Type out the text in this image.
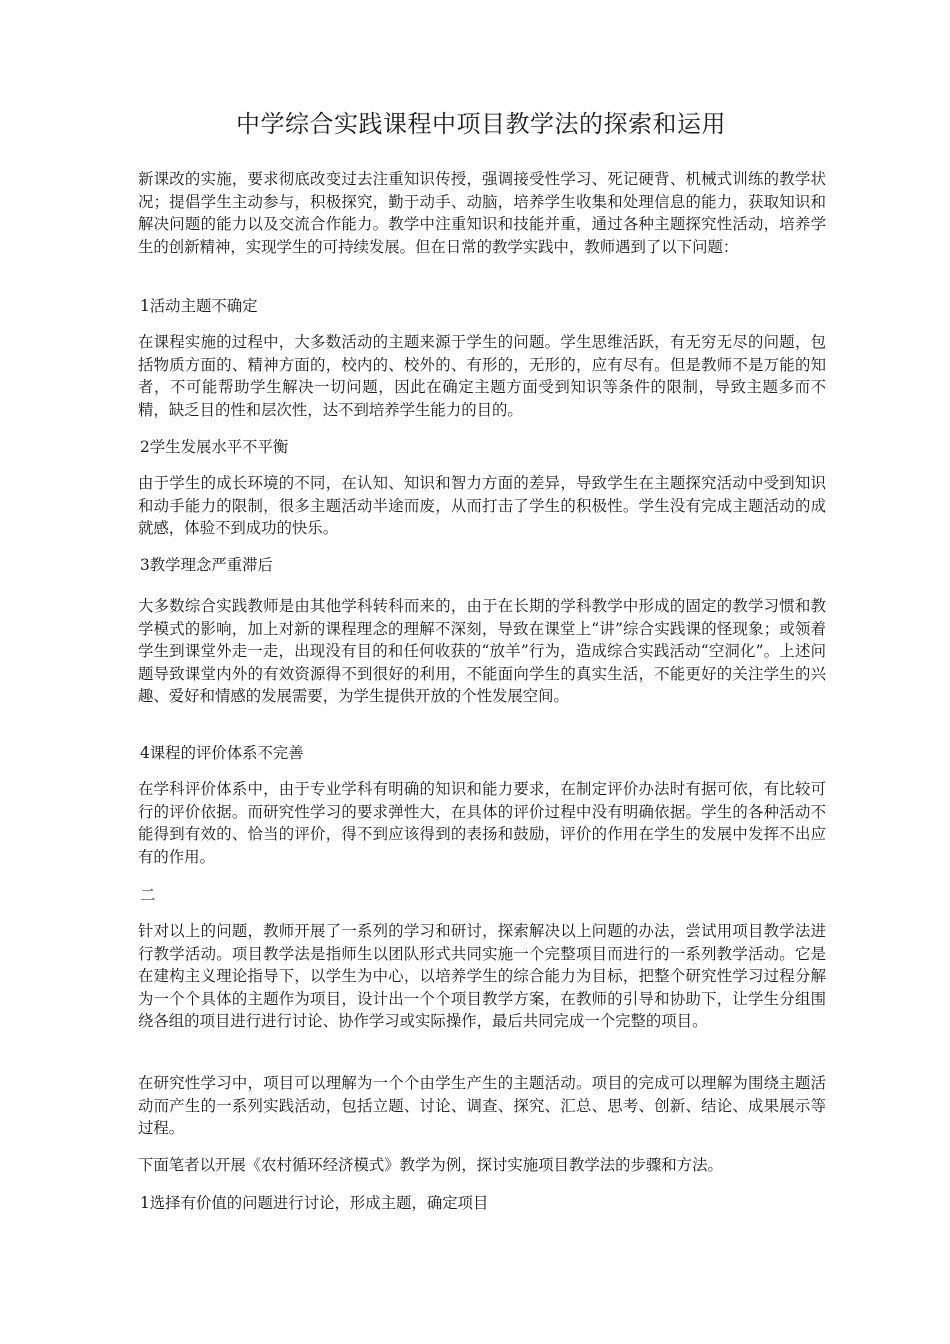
中学综合实践课程中项目教学法的探索和运用

新课改的实施，要求彻底改变过去注重知识传授，强调接受性学习、死记硬背、机械式训练的教学状况；提倡学生主动参与，积极探究，勤于动手、动脑，培养学生收集和处理信息的能力，获取知识和解决问题的能力以及交流合作能力。教学中注重知识和技能并重，通过各种主题探究性活动，培养学生的创新精神，实现学生的可持续发展。但在日常的教学实践中，教师遇到了以下问题：

1活动主题不确定

在课程实施的过程中，大多数活动的主题来源于学生的问题。学生思维活跃，有无穷无尽的问题，包括物质方面的、精神方面的，校内的、校外的、有形的，无形的，应有尽有。但是教师不是万能的知者，不可能帮助学生解决一切问题，因此在确定主题方面受到知识等条件的限制，导致主题多而不精，缺乏目的性和层次性，达不到培养学生能力的目的。

2学生发展水平不平衡

由于学生的成长环境的不同，在认知、知识和智力方面的差异，导致学生在主题探究活动中受到知识和动手能力的限制，很多主题活动半途而废，从而打击了学生的积极性。学生没有完成主题活动的成就感，体验不到成功的快乐。

3教学理念严重滞后

大多数综合实践教师是由其他学科转科而来的，由于在长期的学科教学中形成的固定的教学习惯和教学模式的影响，加上对新的课程理念的理解不深刻，导致在课堂上“讲”综合实践课的怪现象；或领着学生到课堂外走一走，出现没有目的和任何收获的“放羊”行为，造成综合实践活动“空洞化”。上述问题导致课堂内外的有效资源得不到很好的利用，不能面向学生的真实生活，不能更好的关注学生的兴趣、爱好和情感的发展需要，为学生提供开放的个性发展空间。

4课程的评价体系不完善

在学科评价体系中，由于专业学科有明确的知识和能力要求，在制定评价办法时有据可依，有比较可行的评价依据。而研究性学习的要求弹性大，在具体的评价过程中没有明确依据。学生的各种活动不能得到有效的、恰当的评价，得不到应该得到的表扬和鼓励，评价的作用在学生的发展中发挥不出应有的作用。

二

针对以上的问题，教师开展了一系列的学习和研讨，探索解决以上问题的办法，尝试用项目教学法进行教学活动。项目教学法是指师生以团队形式共同实施一个完整项目而进行的一系列教学活动。它是在建构主义理论指导下，以学生为中心，以培养学生的综合能力为目标，把整个研究性学习过程分解为一个个具体的主题作为项目，设计出一个个项目教学方案，在教师的引导和协助下，让学生分组围绕各组的项目进行进行讨论、协作学习或实际操作，最后共同完成一个完整的项目。

在研究性学习中，项目可以理解为一个个由学生产生的主题活动。项目的完成可以理解为围绕主题活动而产生的一系列实践活动，包括立题、讨论、调查、探究、汇总、思考、创新、结论、成果展示等过程。

下面笔者以开展《农村循环经济模式》教学为例，探讨实施项目教学法的步骤和方法。

1选择有价值的问题进行讨论，形成主题，确定项目
